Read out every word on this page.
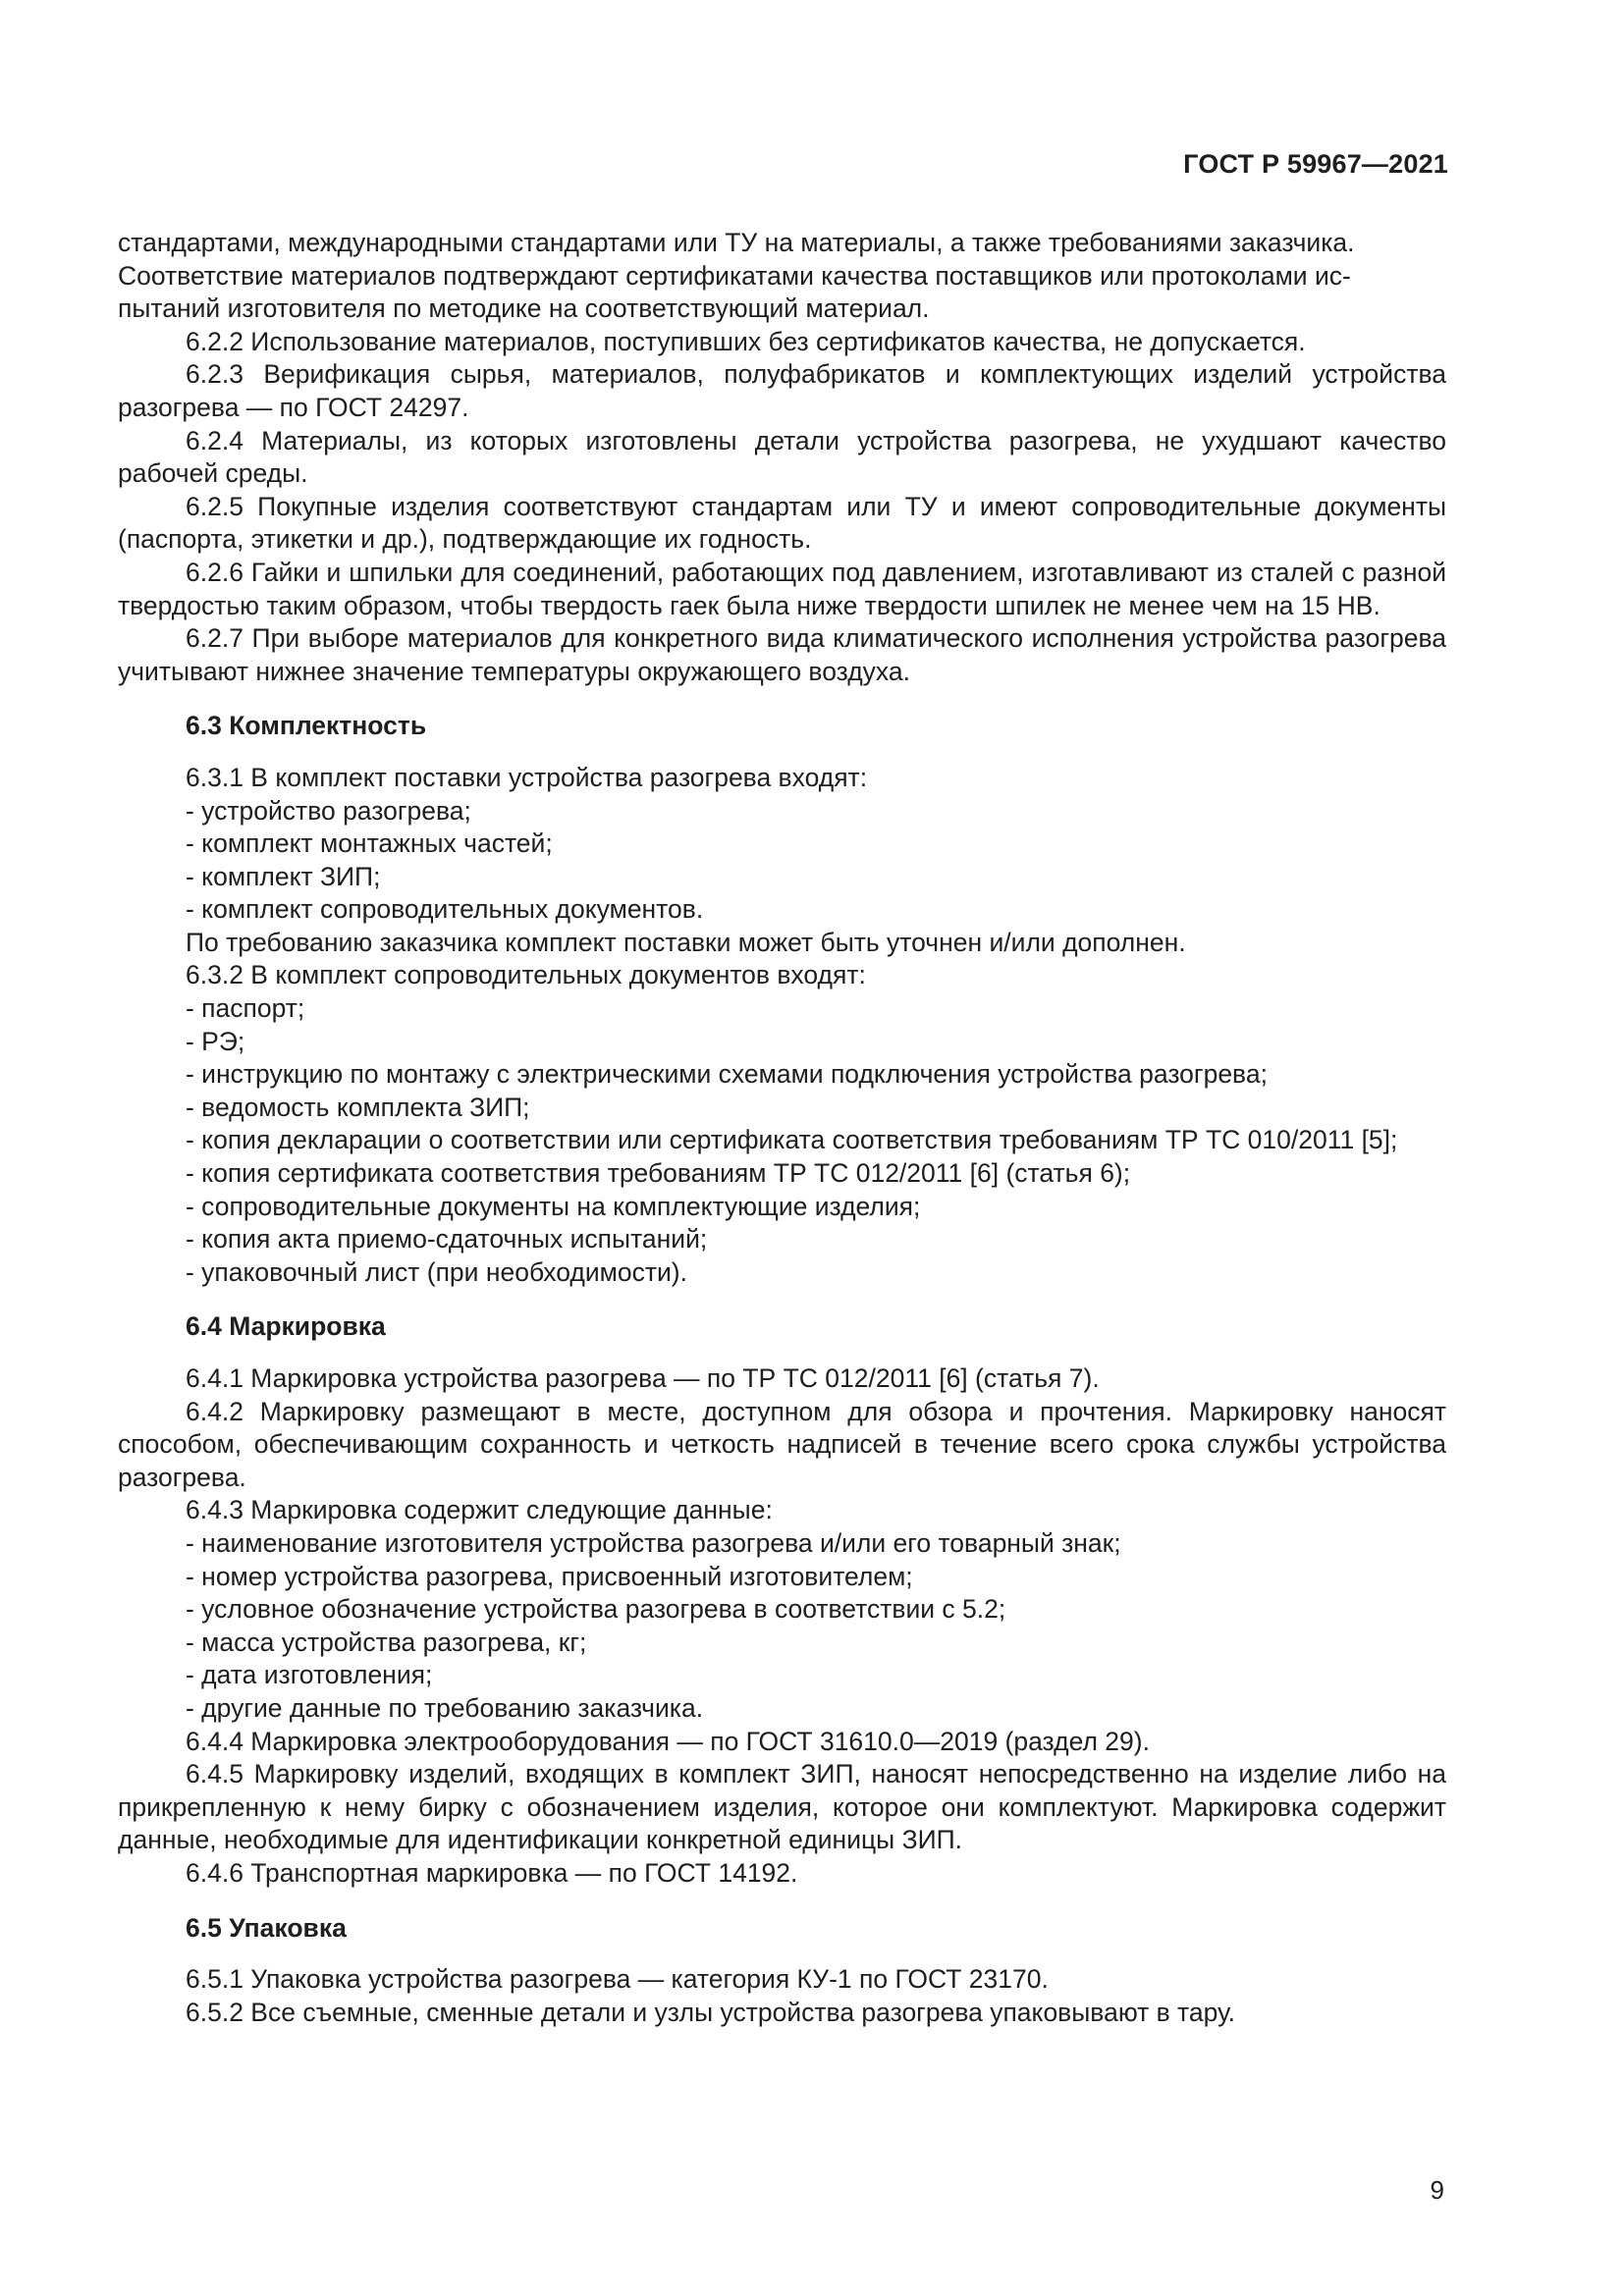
ГОСТ Р 59967—2021

стандартами, международными стандартами или ТУ на материалы, а также требованиями заказчика.

Соответствие материалов подтверждают сертификатами качества поставщиков или протоколами ис-

пытаний изготовителя по методике на соответствующий материал.

6.2.2 Использование материалов, поступивших без сертификатов качества, не допускается.

6.2.3 Верификация сырья, материалов, полуфабрикатов и комплектующих изделий устройства разогрева — по ГОСТ 24297.

6.2.4 Материалы, из которых изготовлены детали устройства разогрева, не ухудшают качество рабочей среды.

6.2.5 Покупные изделия соответствуют стандартам или ТУ и имеют сопроводительные документы (паспорта, этикетки и др.), подтверждающие их годность.

6.2.6 Гайки и шпильки для соединений, работающих под давлением, изготавливают из сталей с разной твердостью таким образом, чтобы твердость гаек была ниже твердости шпилек не менее чем на 15 НВ.

6.2.7 При выборе материалов для конкретного вида климатического исполнения устройства разогрева учитывают нижнее значение температуры окружающего воздуха.

6.3 Комплектность

6.3.1 В комплект поставки устройства разогрева входят:

- устройство разогрева;

- комплект монтажных частей;

- комплект ЗИП;

- комплект сопроводительных документов.

По требованию заказчика комплект поставки может быть уточнен и/или дополнен.

6.3.2 В комплект сопроводительных документов входят:

- паспорт;

- РЭ;

- инструкцию по монтажу с электрическими схемами подключения устройства разогрева;

- ведомость комплекта ЗИП;

- копия декларации о соответствии или сертификата соответствия требованиям ТР ТС 010/2011 [5];

- копия сертификата соответствия требованиям ТР ТС 012/2011 [6] (статья 6);

- сопроводительные документы на комплектующие изделия;

- копия акта приемо-сдаточных испытаний;

- упаковочный лист (при необходимости).

6.4 Маркировка

6.4.1 Маркировка устройства разогрева — по ТР ТС 012/2011 [6] (статья 7).

6.4.2 Маркировку размещают в месте, доступном для обзора и прочтения. Маркировку наносят способом, обеспечивающим сохранность и четкость надписей в течение всего срока службы устройства разогрева.

6.4.3 Маркировка содержит следующие данные:

- наименование изготовителя устройства разогрева и/или его товарный знак;

- номер устройства разогрева, присвоенный изготовителем;

- условное обозначение устройства разогрева в соответствии с 5.2;

- масса устройства разогрева, кг;

- дата изготовления;

- другие данные по требованию заказчика.

6.4.4 Маркировка электрооборудования — по ГОСТ 31610.0—2019 (раздел 29).

6.4.5 Маркировку изделий, входящих в комплект ЗИП, наносят непосредственно на изделие либо на прикрепленную к нему бирку с обозначением изделия, которое они комплектуют. Маркировка содержит данные, необходимые для идентификации конкретной единицы ЗИП.

6.4.6 Транспортная маркировка — по ГОСТ 14192.

6.5 Упаковка

6.5.1 Упаковка устройства разогрева — категория КУ-1 по ГОСТ 23170.

6.5.2 Все съемные, сменные детали и узлы устройства разогрева упаковывают в тару.

9
